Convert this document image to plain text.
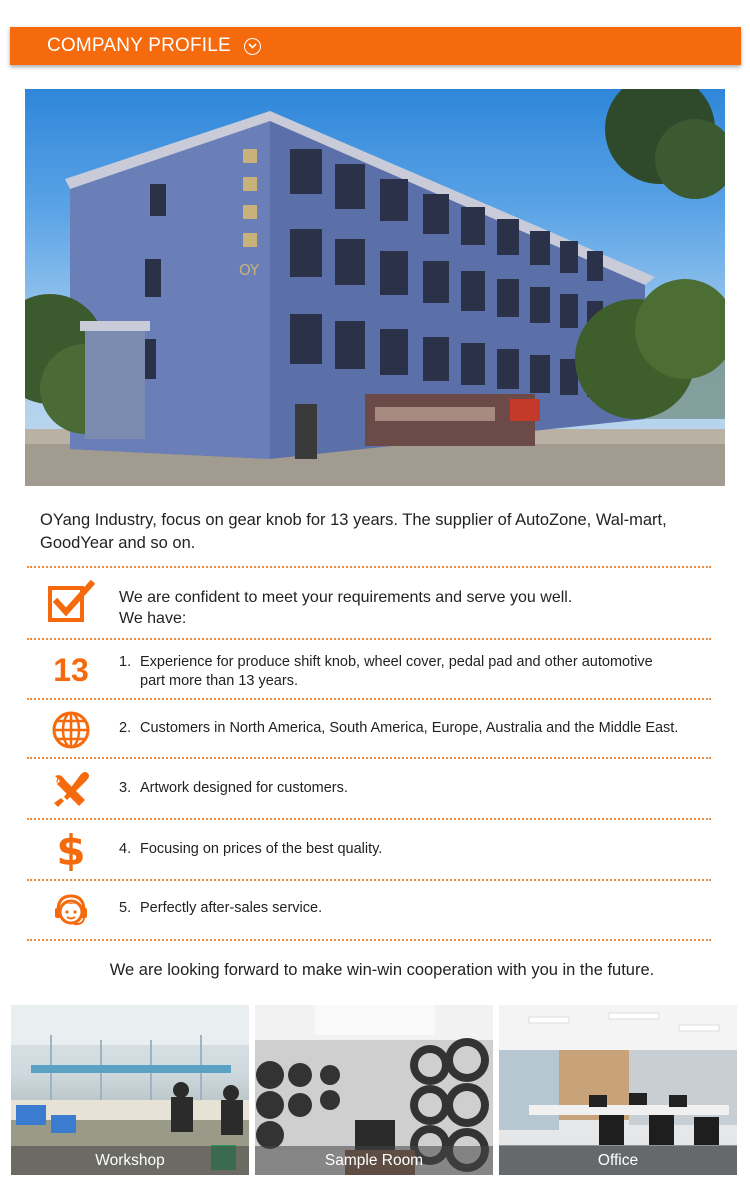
COMPANY PROFILE
OY
OYang Industry, focus on gear knob for 13 years. The supplier of AutoZone, Wal-mart, GoodYear and so on.
We are confident to meet your requirements and serve you well.
We have:
13 1. Experience for produce shift knob, wheel cover, pedal pad and other automotive
part more than 13 years.
2. Customers in North America, South America, Europe, Australia and the Middle East.
3. Artwork designed for customers.
$ 4. Focusing on prices of the best quality.
5. Perfectly after-sales service.
We are looking forward to make win-win cooperation with you in the future.
Workshop	Sample Room	Office
